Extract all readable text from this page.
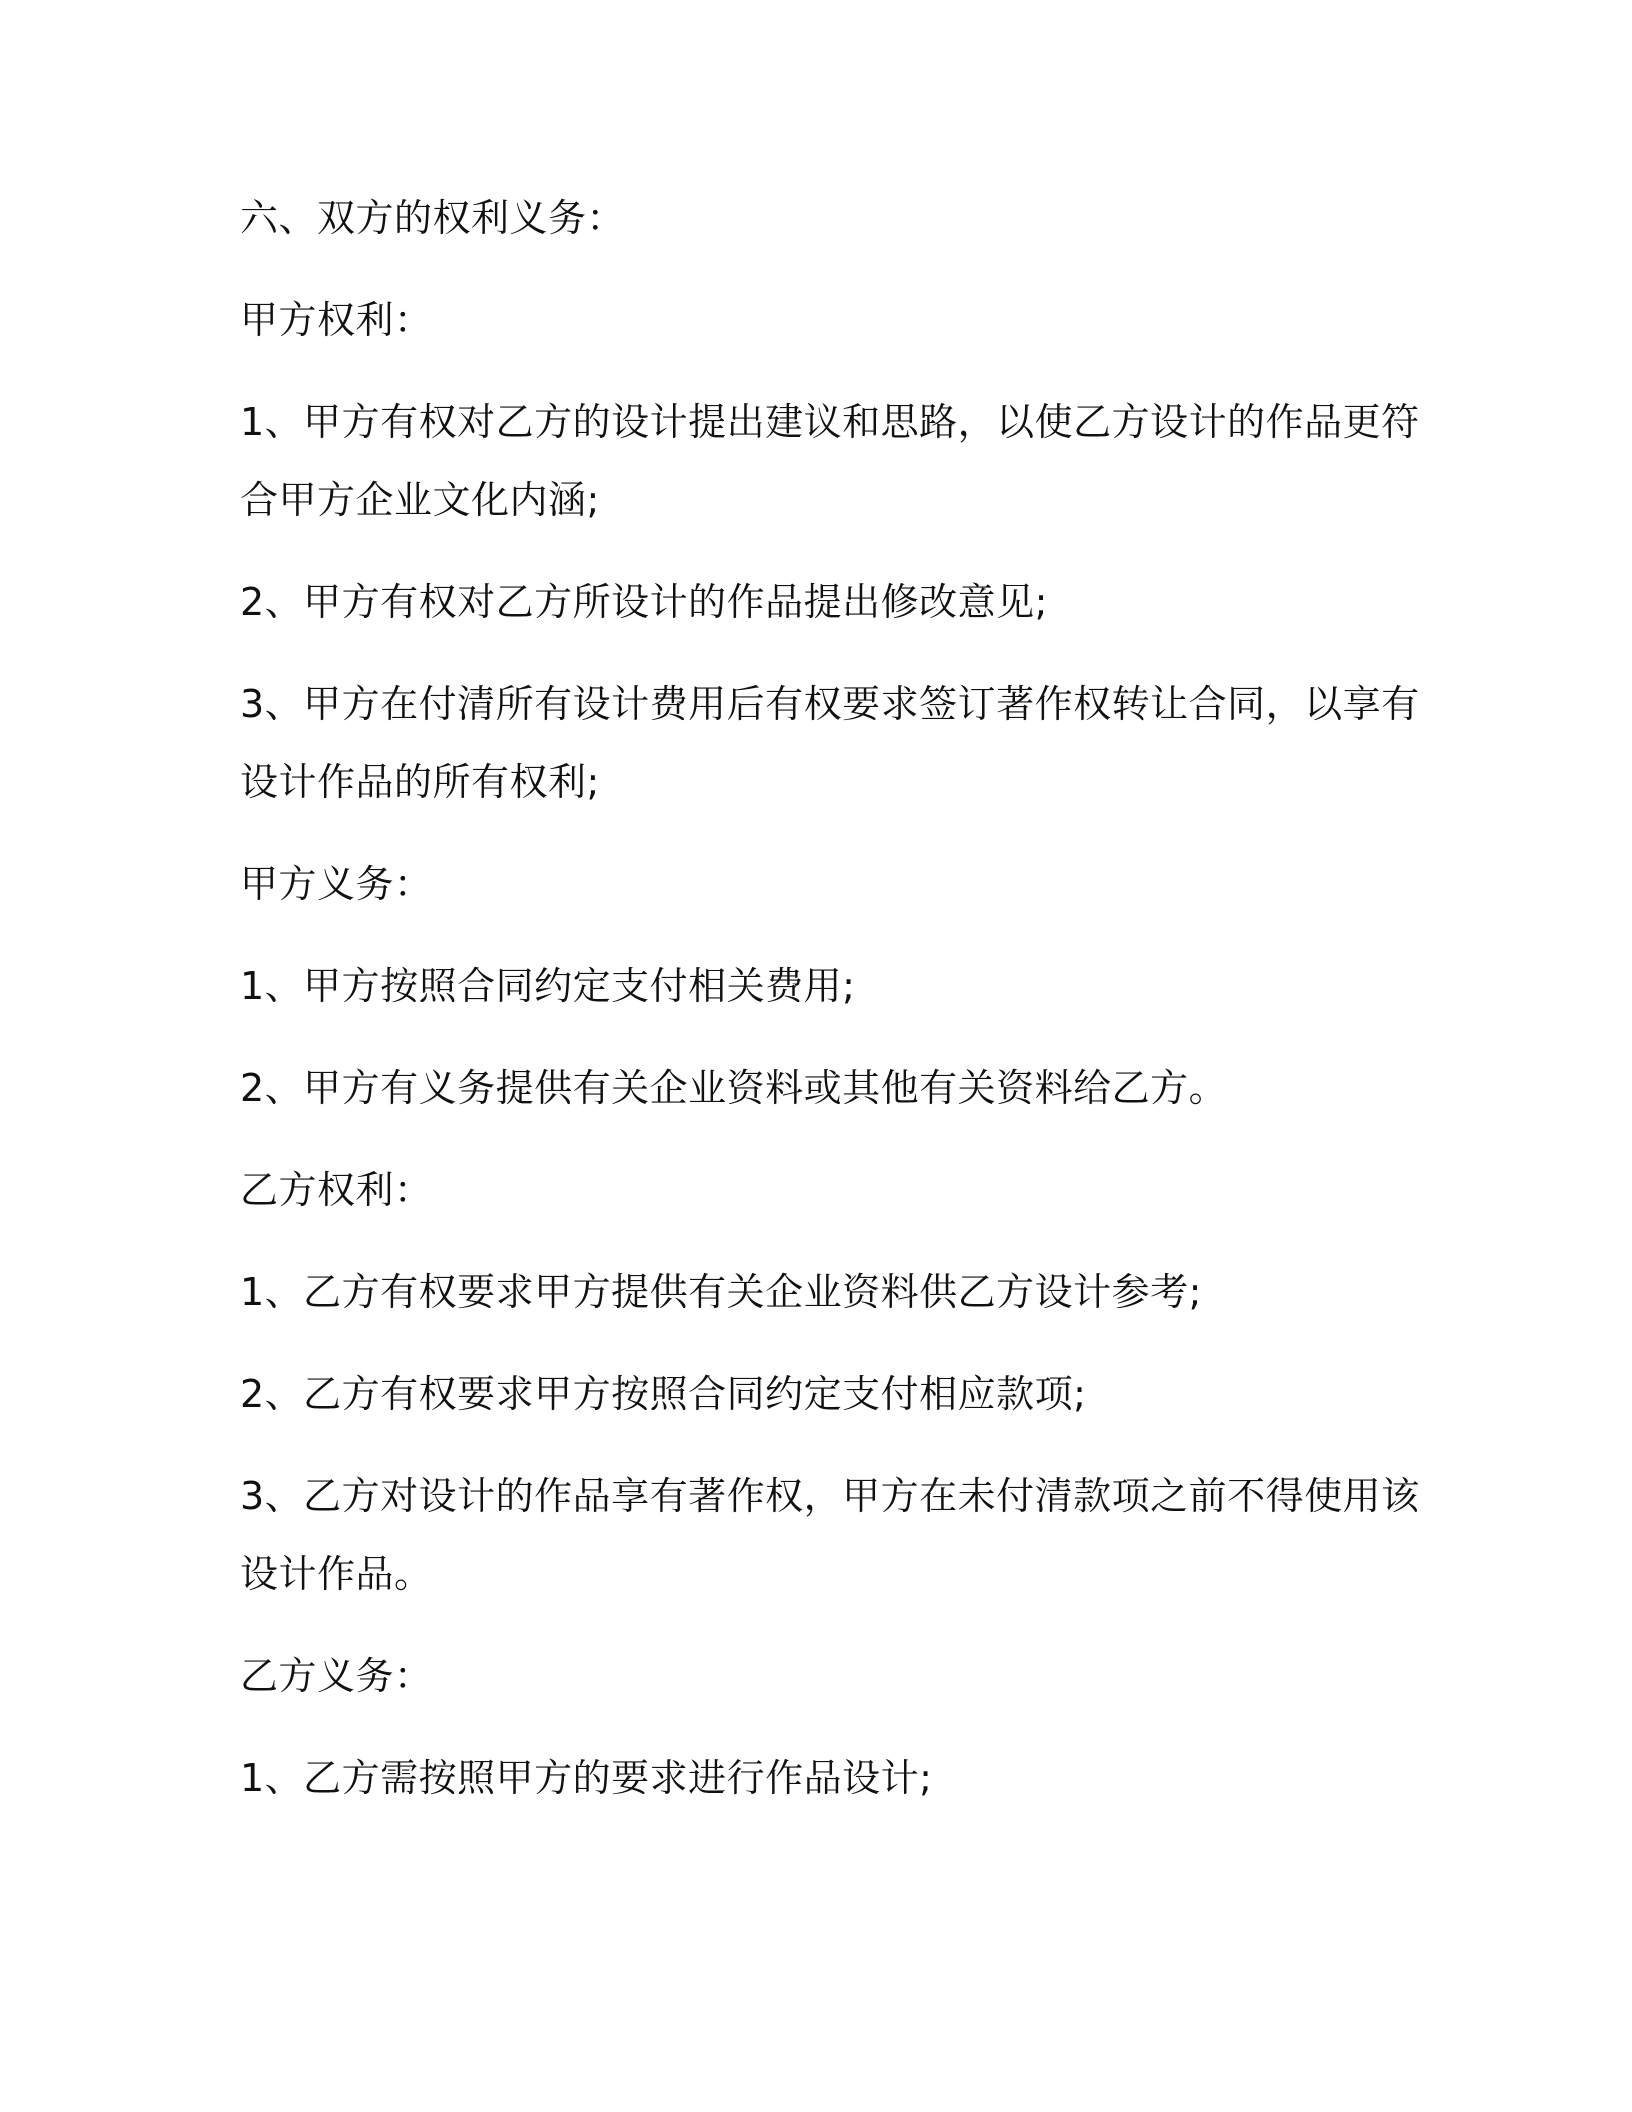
六、双方的权利义务：
甲方权利：
1、甲方有权对乙方的设计提出建议和思路，以使乙方设计的作品更符
合甲方企业文化内涵;
2、甲方有权对乙方所设计的作品提出修改意见;
3、甲方在付清所有设计费用后有权要求签订著作权转让合同，以享有
设计作品的所有权利;
甲方义务：
1、甲方按照合同约定支付相关费用;
2、甲方有义务提供有关企业资料或其他有关资料给乙方。
乙方权利：
1、乙方有权要求甲方提供有关企业资料供乙方设计参考;
2、乙方有权要求甲方按照合同约定支付相应款项;
3、乙方对设计的作品享有著作权，甲方在未付清款项之前不得使用该
设计作品。
乙方义务：
1、乙方需按照甲方的要求进行作品设计;
